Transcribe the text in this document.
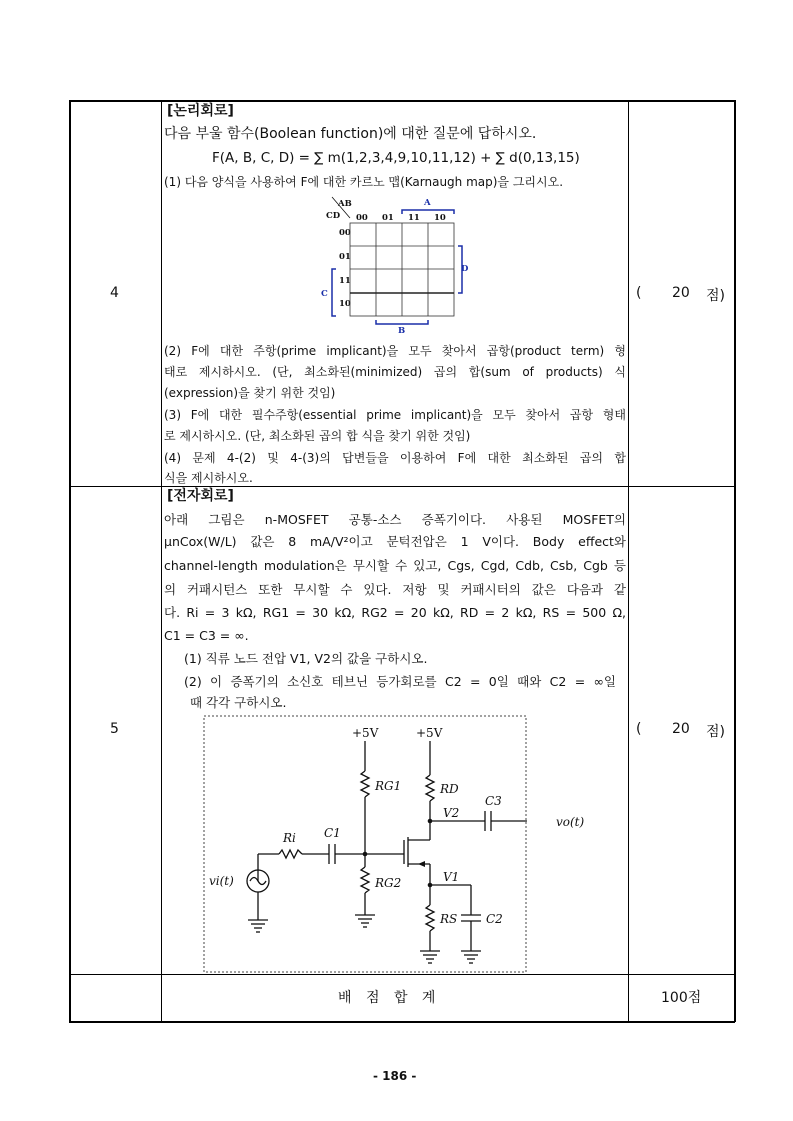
4
[논리회로]
다음 부울 함수(Boolean function)에 대한 질문에 답하시오.
F(A, B, C, D) = ∑ m(1,2,3,4,9,10,11,12) + ∑ d(0,13,15)
(1) 다음 양식을 사용하여 F에 대한 카르노 맵(Karnaugh map)을 그리시오.
AB
CD 00 01 11 10
00
01
11
10
A
D
C
B
(2) F에 대한 주항(prime implicant)을 모두 찾아서 곱항(product term) 형
태로 제시하시오. (단, 최소화된(minimized) 곱의 합(sum of products) 식
(expression)을 찾기 위한 것임)
(3) F에 대한 필수주항(essential prime implicant)을 모두 찾아서 곱항 형태
로 제시하시오. (단, 최소화된 곱의 합 식을 찾기 위한 것임)
(4) 문제 4-(2) 및 4-(3)의 답변들을 이용하여 F에 대한 최소화된 곱의 합
식을 제시하시오.
( 20 점)
5
[전자회로]
아래 그림은 n-MOSFET 공통-소스 증폭기이다. 사용된 MOSFET의
μnCox(W/L) 값은 8 mA/V²이고 문턱전압은 1 V이다. Body effect와
channel-length modulation은 무시할 수 있고, Cgs, Cgd, Cdb, Csb, Cgb 등
의 커패시턴스 또한 무시할 수 있다. 저항 및 커패시터의 값은 다음과 같
다. Ri = 3 kΩ, RG1 = 30 kΩ, RG2 = 20 kΩ, RD = 2 kΩ, RS = 500 Ω,
C1 = C3 = ∞.
(1) 직류 노드 전압 V1, V2의 값을 구하시오.
(2) 이 증폭기의 소신호 테브닌 등가회로를 C2 = 0일 때와 C2 = ∞일
때 각각 구하시오.
+5V	+5V
RG1	RD
V2
C3
Ri C1
vi(t)	RG2	V1
RS C2
vo(t)
( 20 점)
배 점 합 계	100점
- 186 -
